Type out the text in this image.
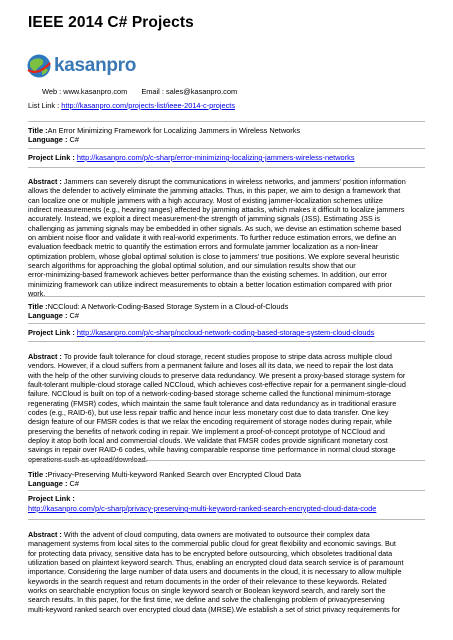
IEEE 2014 C# Projects
kasanpro
Web : www.kasanpro.com Email : sales@kasanpro.com
List Link : http://kasanpro.com/projects-list/ieee-2014-c-projects
Title :An Error Minimizing Framework for Localizing Jammers in Wireless Networks
Language : C#
Project Link : http://kasanpro.com/p/c-sharp/error-minimizing-localizing-jammers-wireless-networks

Abstract : Jammers can severely disrupt the communications in wireless networks, and jammers' position information
allows the defender to actively eliminate the jamming attacks. Thus, in this paper, we aim to design a framework that
can localize one or multiple jammers with a high accuracy. Most of existing jammer-localization schemes utilize
indirect measurements (e.g., hearing ranges) affected by jamming attacks, which makes it difficult to localize jammers
accurately. Instead, we exploit a direct measurement-the strength of jamming signals (JSS). Estimating JSS is
challenging as jamming signals may be embedded in other signals. As such, we devise an estimation scheme based
on ambient noise floor and validate it with real-world experiments. To further reduce estimation errors, we define an
evaluation feedback metric to quantify the estimation errors and formulate jammer localization as a non-linear
optimization problem, whose global optimal solution is close to jammers' true positions. We explore several heuristic
search algorithms for approaching the global optimal solution, and our simulation results show that our
error-minimizing-based framework achieves better performance than the existing schemes. In addition, our error
minimizing framework can utilize indirect measurements to obtain a better location estimation compared with prior
work.

Title :NCCloud: A Network-Coding-Based Storage System in a Cloud-of-Clouds
Language : C#
Project Link : http://kasanpro.com/p/c-sharp/nccloud-network-coding-based-storage-system-cloud-clouds

Abstract : To provide fault tolerance for cloud storage, recent studies propose to stripe data across multiple cloud
vendors. However, if a cloud suffers from a permanent failure and loses all its data, we need to repair the lost data
with the help of the other surviving clouds to preserve data redundancy. We present a proxy-based storage system for
fault-tolerant multiple-cloud storage called NCCloud, which achieves cost-effective repair for a permanent single-cloud
failure. NCCloud is built on top of a network-coding-based storage scheme called the functional minimum-storage
regenerating (FMSR) codes, which maintain the same fault tolerance and data redundancy as in traditional erasure
codes (e.g., RAID-6), but use less repair traffic and hence incur less monetary cost due to data transfer. One key
design feature of our FMSR codes is that we relax the encoding requirement of storage nodes during repair, while
preserving the benefits of network coding in repair. We implement a proof-of-concept prototype of NCCloud and
deploy it atop both local and commercial clouds. We validate that FMSR codes provide significant monetary cost
savings in repair over RAID-6 codes, while having comparable response time performance in normal cloud storage
operations such as upload/download.

Title :Privacy-Preserving Multi-keyword Ranked Search over Encrypted Cloud Data
Language : C#
Project Link :
http://kasanpro.com/p/c-sharp/privacy-preserving-multi-keyword-ranked-search-encrypted-cloud-data-code

Abstract : With the advent of cloud computing, data owners are motivated to outsource their complex data
management systems from local sites to the commercial public cloud for great flexibility and economic savings. But
for protecting data privacy, sensitive data has to be encrypted before outsourcing, which obsoletes traditional data
utilization based on plaintext keyword search. Thus, enabling an encrypted cloud data search service is of paramount
importance. Considering the large number of data users and documents in the cloud, it is necessary to allow multiple
keywords in the search request and return documents in the order of their relevance to these keywords. Related
works on searchable encryption focus on single keyword search or Boolean keyword search, and rarely sort the
search results. In this paper, for the first time, we define and solve the challenging problem of privacypreserving
multi-keyword ranked search over encrypted cloud data (MRSE).We establish a set of strict privacy requirements for
